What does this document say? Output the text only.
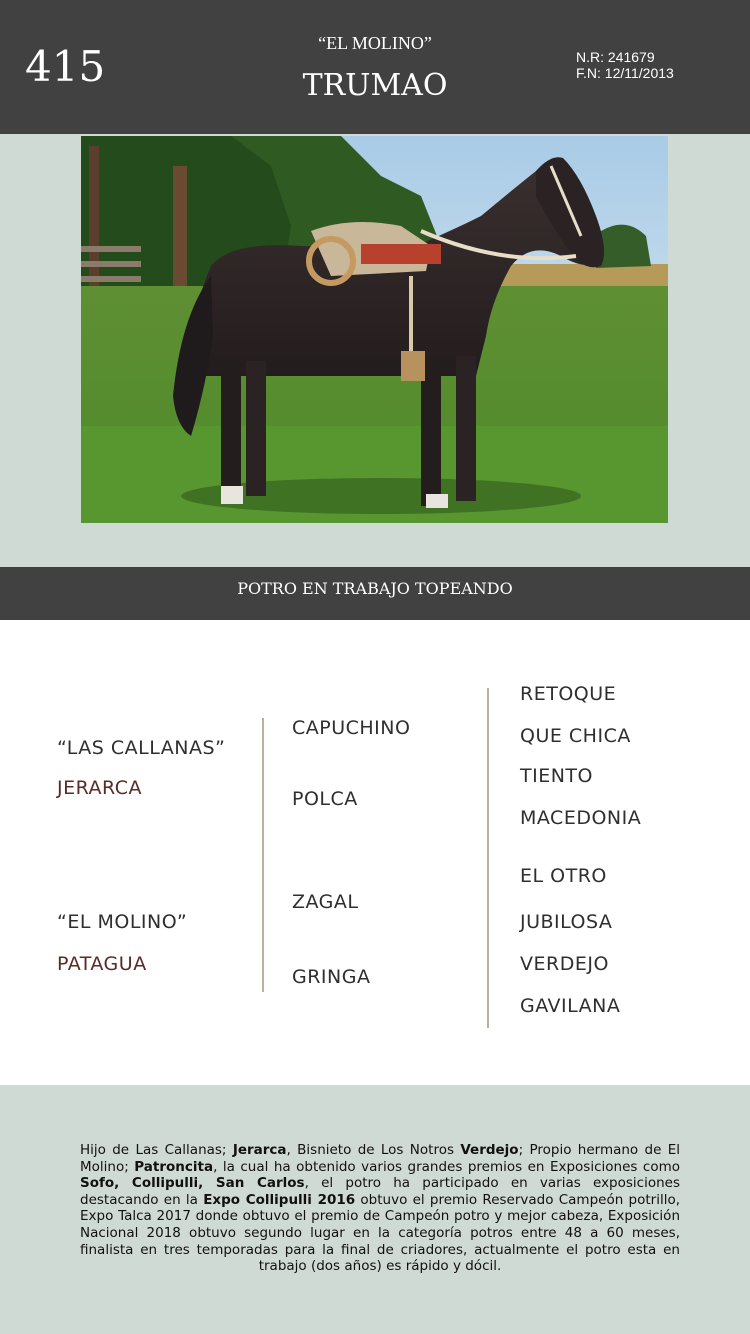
415	“EL MOLINO”
TRUMAO
N.R: 241679
F.N: 12/11/2013
POTRO EN TRABAJO TOPEANDO
“LAS CALLANAS”
JERARCA
“EL MOLINO”
PATAGUA
CAPUCHINO
POLCA
ZAGAL
GRINGA
RETOQUE
QUE CHICA
TIENTO
MACEDONIA
EL OTRO
JUBILOSA
VERDEJO
GAVILANA
Hijo de Las Callanas; Jerarca, Bisnieto de Los Notros Verdejo; Propio hermano de El Molino; Patroncita, la cual ha obtenido varios grandes premios en Exposiciones como Sofo, Collipulli, San Carlos, el potro ha participado en varias exposiciones destacando en la Expo Collipulli 2016 obtuvo el premio Reservado Campeón potrillo, Expo Talca 2017 donde obtuvo el premio de Campeón potro y mejor cabeza, Exposición Nacional 2018 obtuvo segundo lugar en la categoría potros entre 48 a 60 meses, finalista en tres temporadas para la final de criadores, actualmente el potro esta en trabajo (dos años) es rápido y dócil.
